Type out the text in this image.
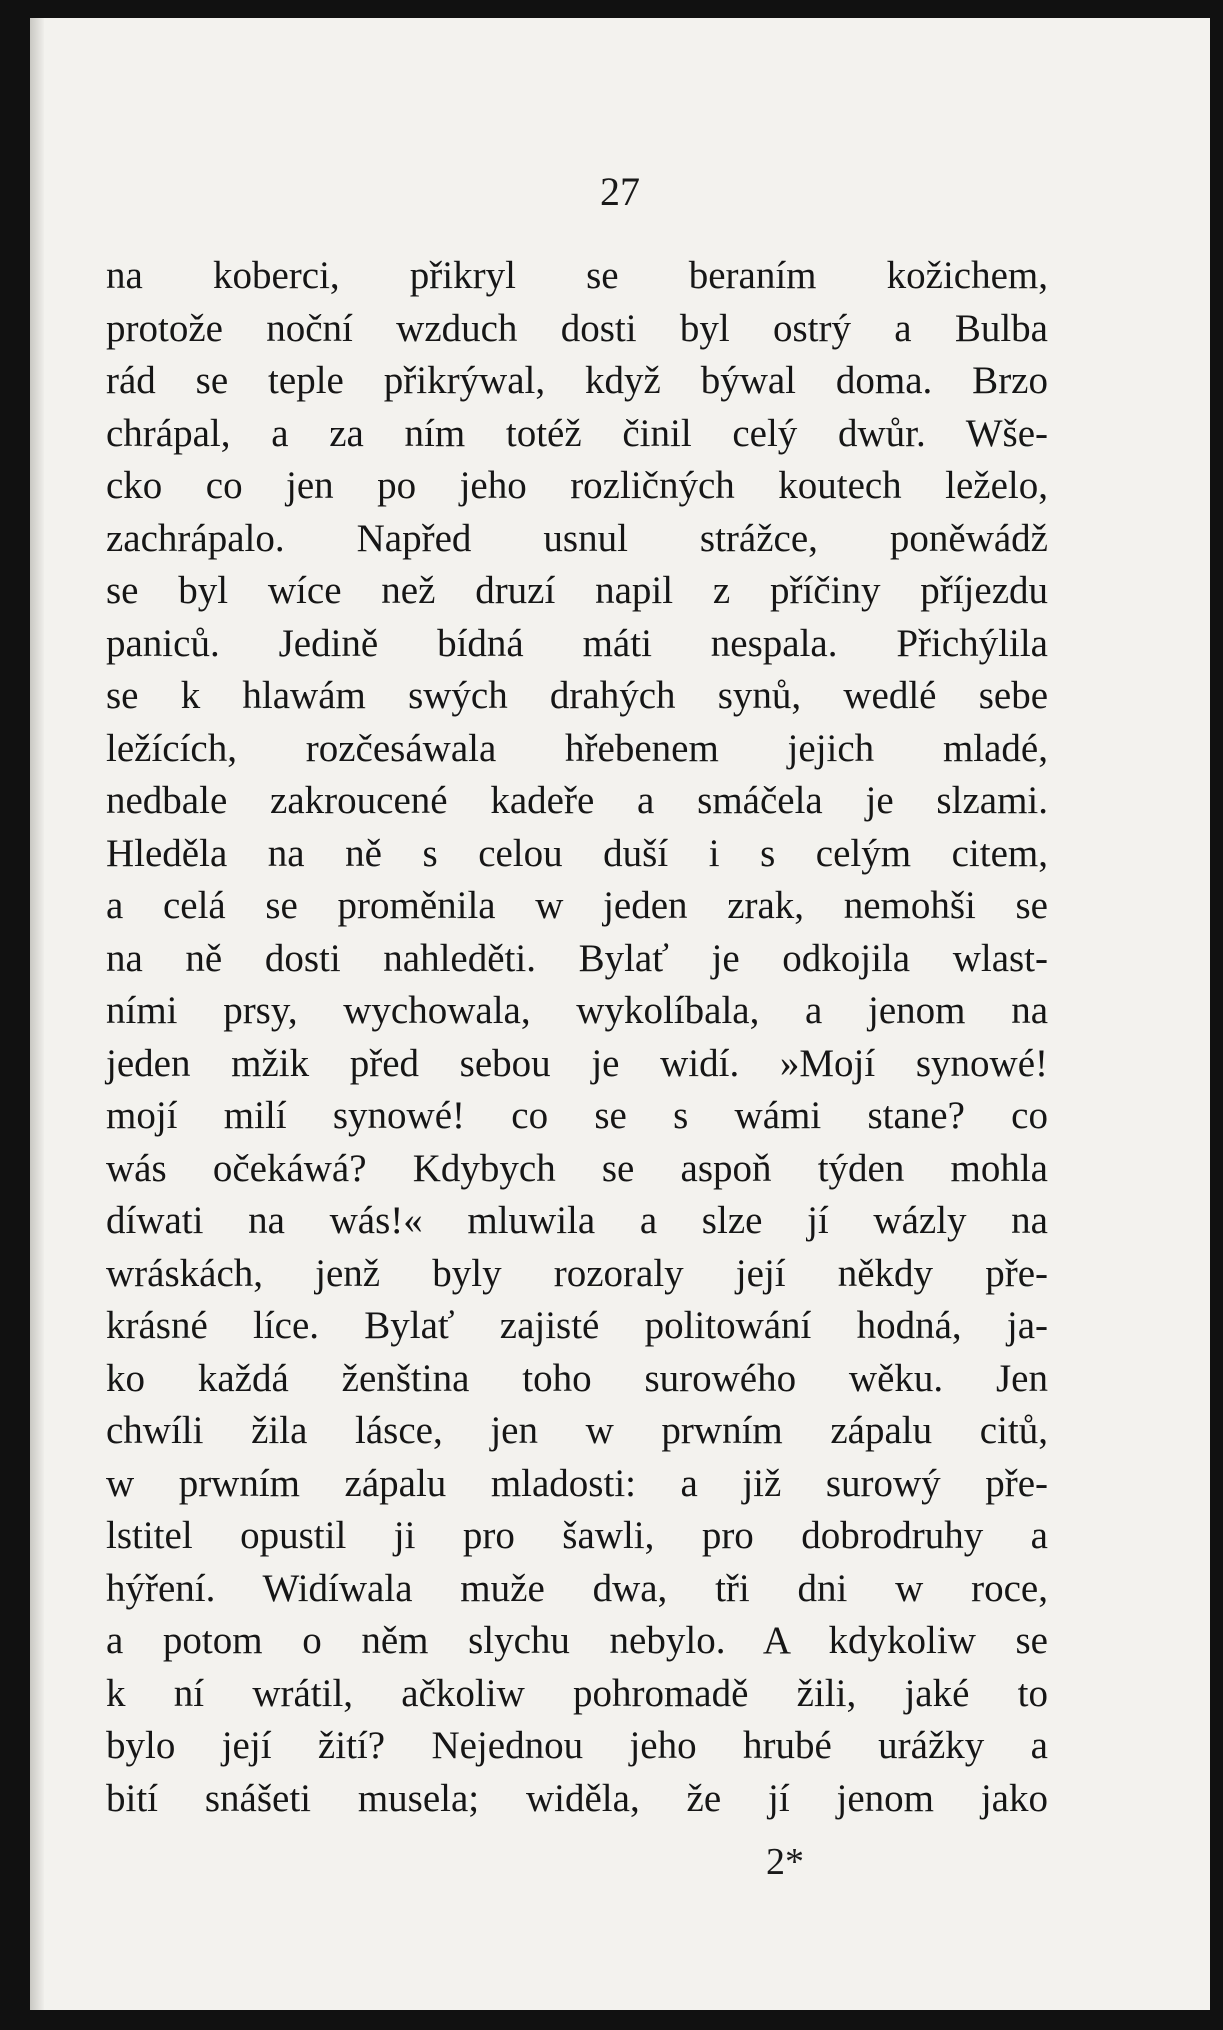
27
na koberci, přikryl se beraním kožichem,
protože noční wzduch dosti byl ostrý a Bulba
rád se teple přikrýwal, když býwal doma. Brzo
chrápal, a za ním totéž činil celý dwůr. Wše-
cko co jen po jeho rozličných koutech leželo,
zachrápalo. Napřed usnul strážce, poněwádž
se byl wíce než druzí napil z příčiny příjezdu
paniců. Jedině bídná máti nespala. Přichýlila
se k hlawám swých drahých synů, wedlé sebe
ležících, rozčesáwala hřebenem jejich mladé,
nedbale zakroucené kadeře a smáčela je slzami.
Hleděla na ně s celou duší i s celým citem,
a celá se proměnila w jeden zrak, nemohši se
na ně dosti nahleděti. Bylať je odkojila wlast-
ními prsy, wychowala, wykolíbala, a jenom na
jeden mžik před sebou je widí. »Mojí synowé!
mojí milí synowé! co se s wámi stane? co
wás očekáwá? Kdybych se aspoň týden mohla
díwati na wás!« mluwila a slze jí wázly na
wráskách, jenž byly rozoraly její někdy pře-
krásné líce. Bylať zajisté politowání hodná, ja-
ko každá ženština toho surowého wěku. Jen
chwíli žila lásce, jen w prwním zápalu citů,
w prwním zápalu mladosti: a již surowý pře-
lstitel opustil ji pro šawli, pro dobrodruhy a
hýření. Widíwala muže dwa, tři dni w roce,
a potom o něm slychu nebylo. A kdykoliw se
k ní wrátil, ačkoliw pohromadě žili, jaké to
bylo její žití? Nejednou jeho hrubé urážky a
bití snášeti musela; widěla, že jí jenom jako
2*
